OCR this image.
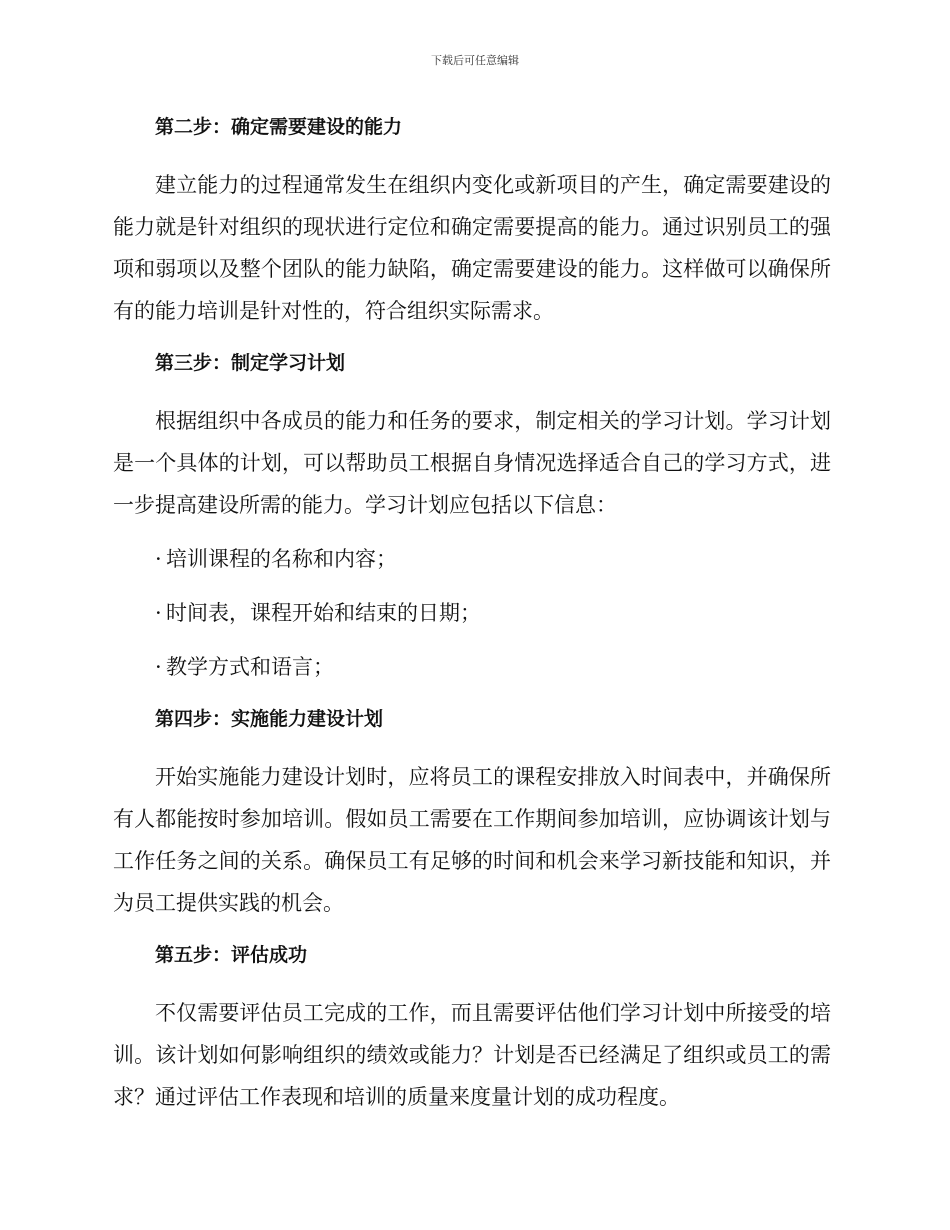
下载后可任意编辑

第二步：确定需要建设的能力

建立能力的过程通常发生在组织内变化或新项目的产生，确定需要建设的能力就是针对组织的现状进行定位和确定需要提高的能力。通过识别员工的强项和弱项以及整个团队的能力缺陷，确定需要建设的能力。这样做可以确保所有的能力培训是针对性的，符合组织实际需求。

第三步：制定学习计划

根据组织中各成员的能力和任务的要求，制定相关的学习计划。学习计划是一个具体的计划，可以帮助员工根据自身情况选择适合自己的学习方式，进一步提高建设所需的能力。学习计划应包括以下信息：

· 培训课程的名称和内容；

· 时间表，课程开始和结束的日期；

· 教学方式和语言；

第四步：实施能力建设计划

开始实施能力建设计划时，应将员工的课程安排放入时间表中，并确保所有人都能按时参加培训。假如员工需要在工作期间参加培训，应协调该计划与工作任务之间的关系。确保员工有足够的时间和机会来学习新技能和知识，并为员工提供实践的机会。

第五步：评估成功

不仅需要评估员工完成的工作，而且需要评估他们学习计划中所接受的培训。该计划如何影响组织的绩效或能力？计划是否已经满足了组织或员工的需求？通过评估工作表现和培训的质量来度量计划的成功程度。
